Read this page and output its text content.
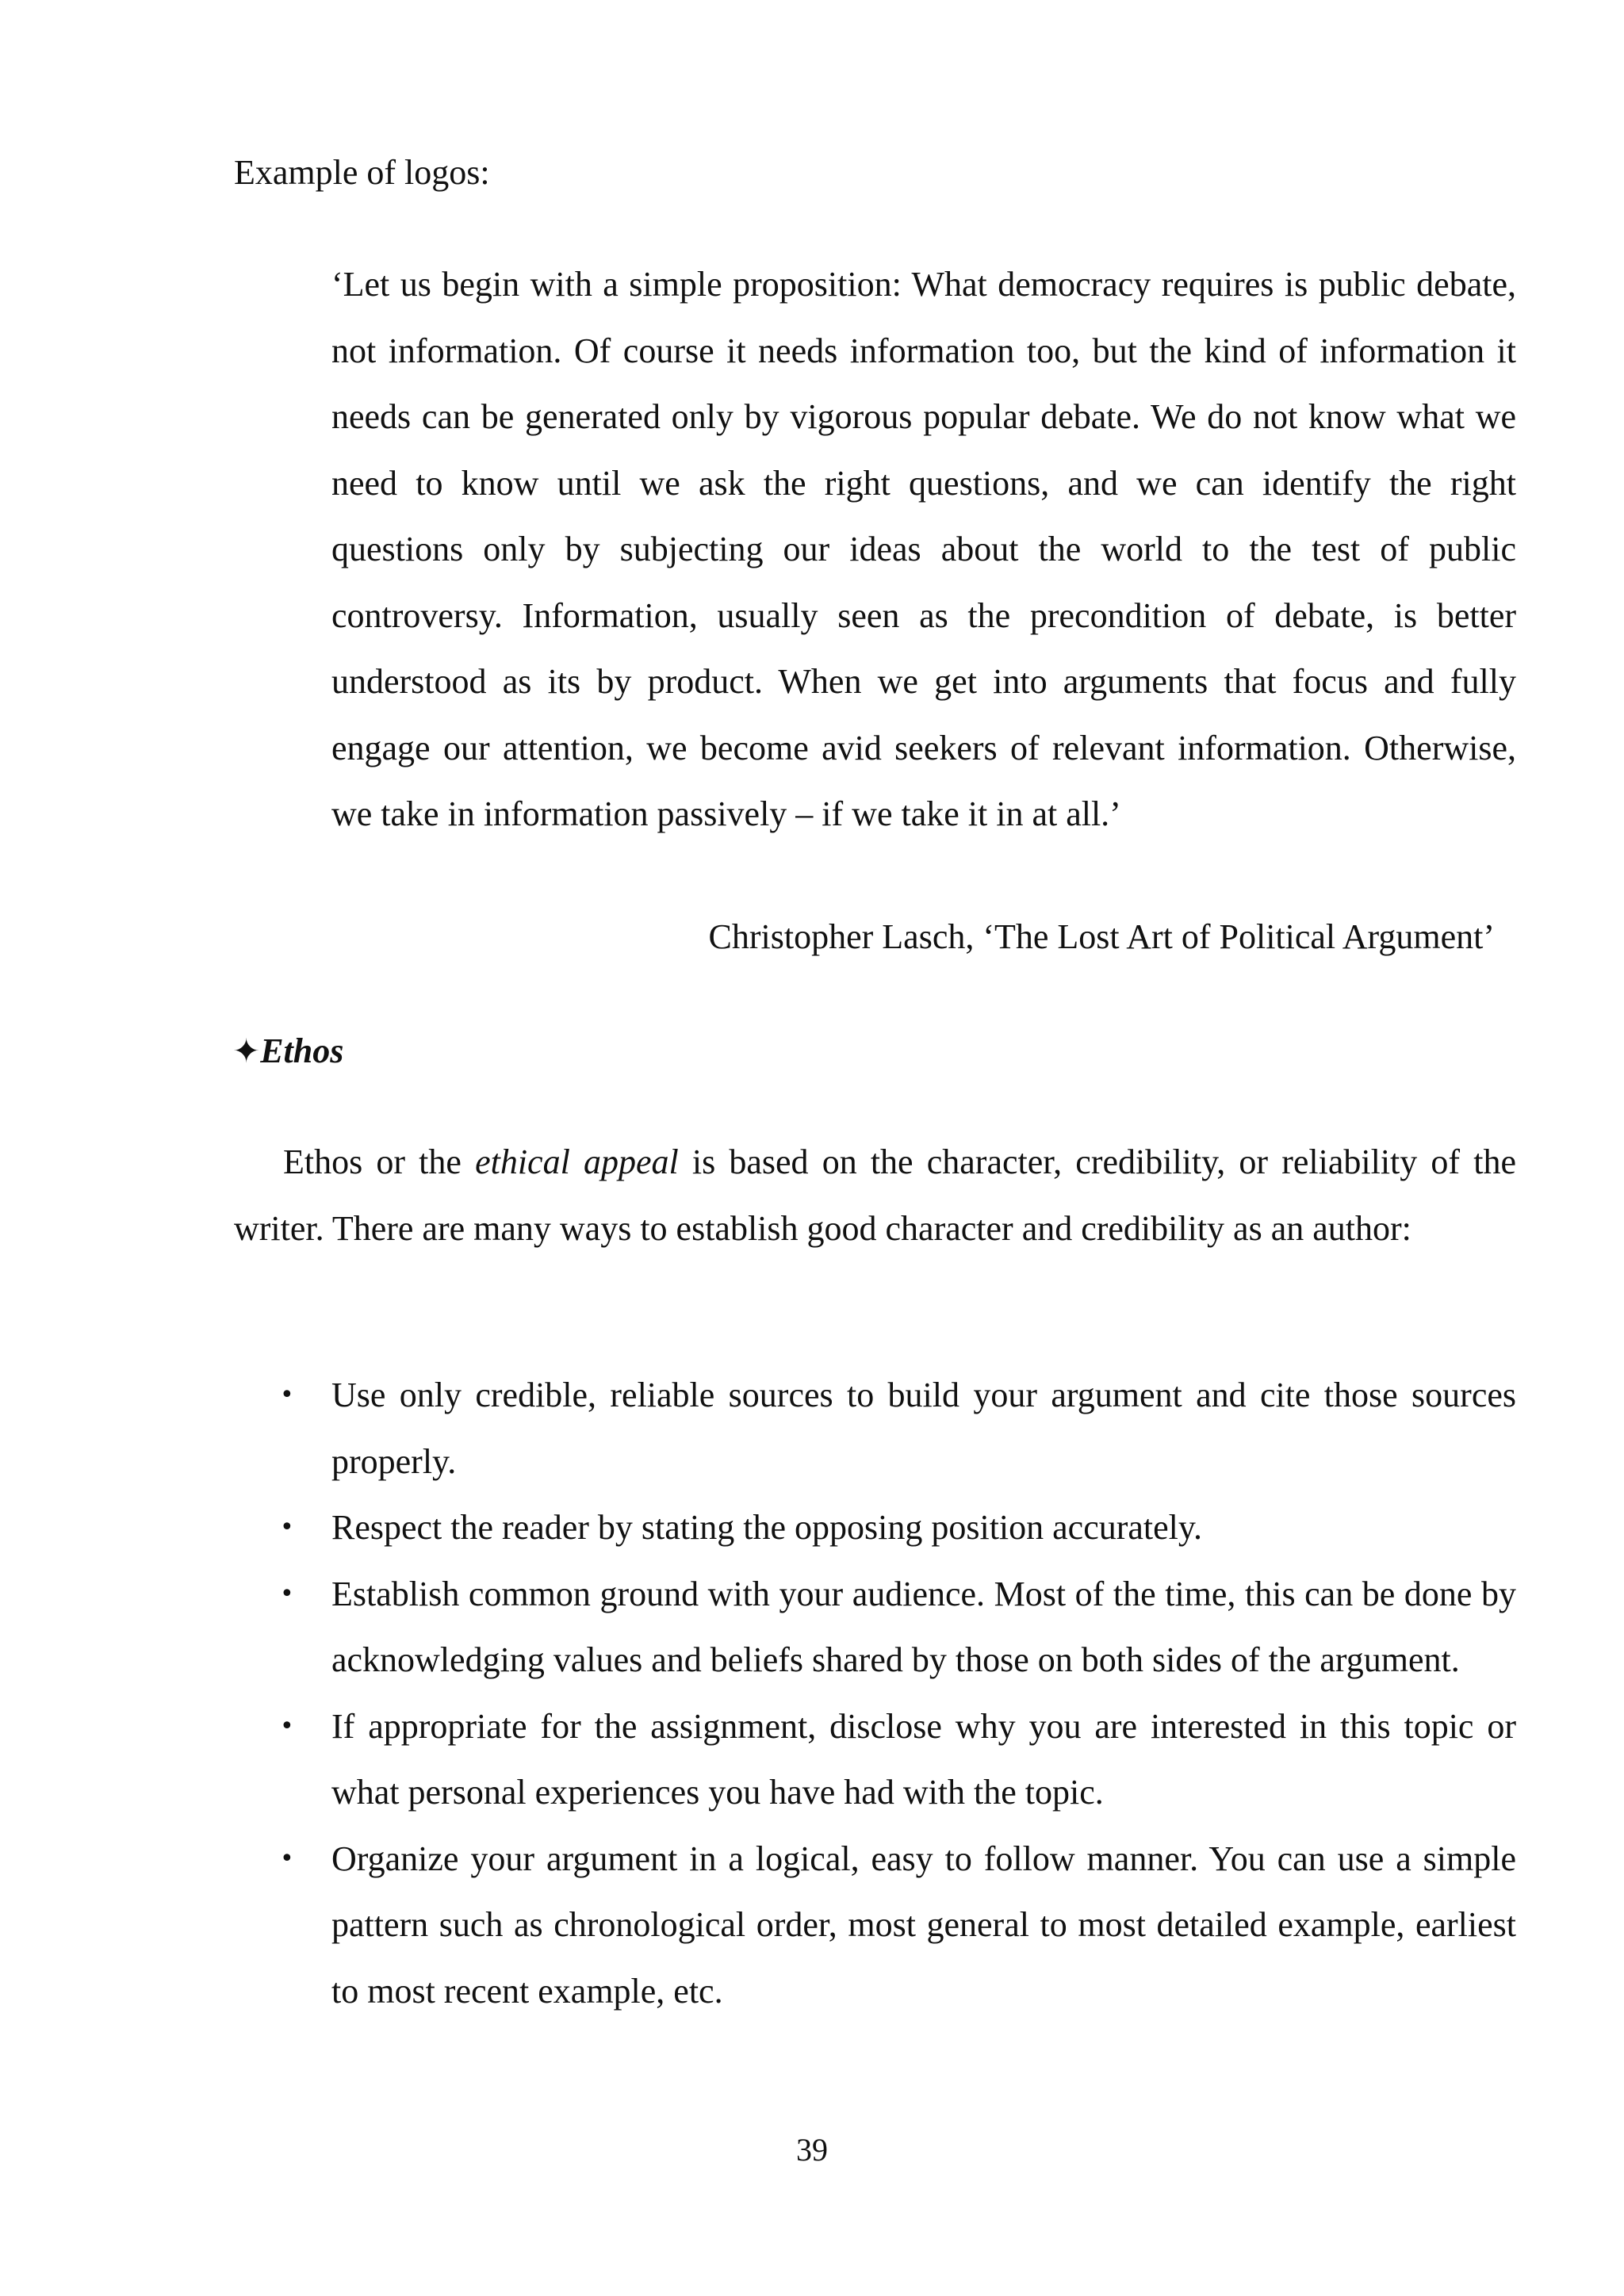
Example of logos:

‘Let us begin with a simple proposition: What democracy requires is public debate, not information. Of course it needs information too, but the kind of information it needs can be generated only by vigorous popular debate. We do not know what we need to know until we ask the right questions, and we can identify the right questions only by subjecting our ideas about the world to the test of public controversy. Information, usually seen as the precondition of debate, is better understood as its by product. When we get into arguments that focus and fully engage our attention, we become avid seekers of relevant information. Otherwise, we take in information passively – if we take it in at all.’

Christopher Lasch, ‘The Lost Art of Political Argument’

✦Ethos

Ethos or the ethical appeal is based on the character, credibility, or reliability of the writer. There are many ways to establish good character and credibility as an author:

• Use only credible, reliable sources to build your argument and cite those sources properly.
• Respect the reader by stating the opposing position accurately.
• Establish common ground with your audience. Most of the time, this can be done by acknowledging values and beliefs shared by those on both sides of the argument.
• If appropriate for the assignment, disclose why you are interested in this topic or what personal experiences you have had with the topic.
• Organize your argument in a logical, easy to follow manner. You can use a simple pattern such as chronological order, most general to most detailed example, earliest to most recent example, etc.

39
